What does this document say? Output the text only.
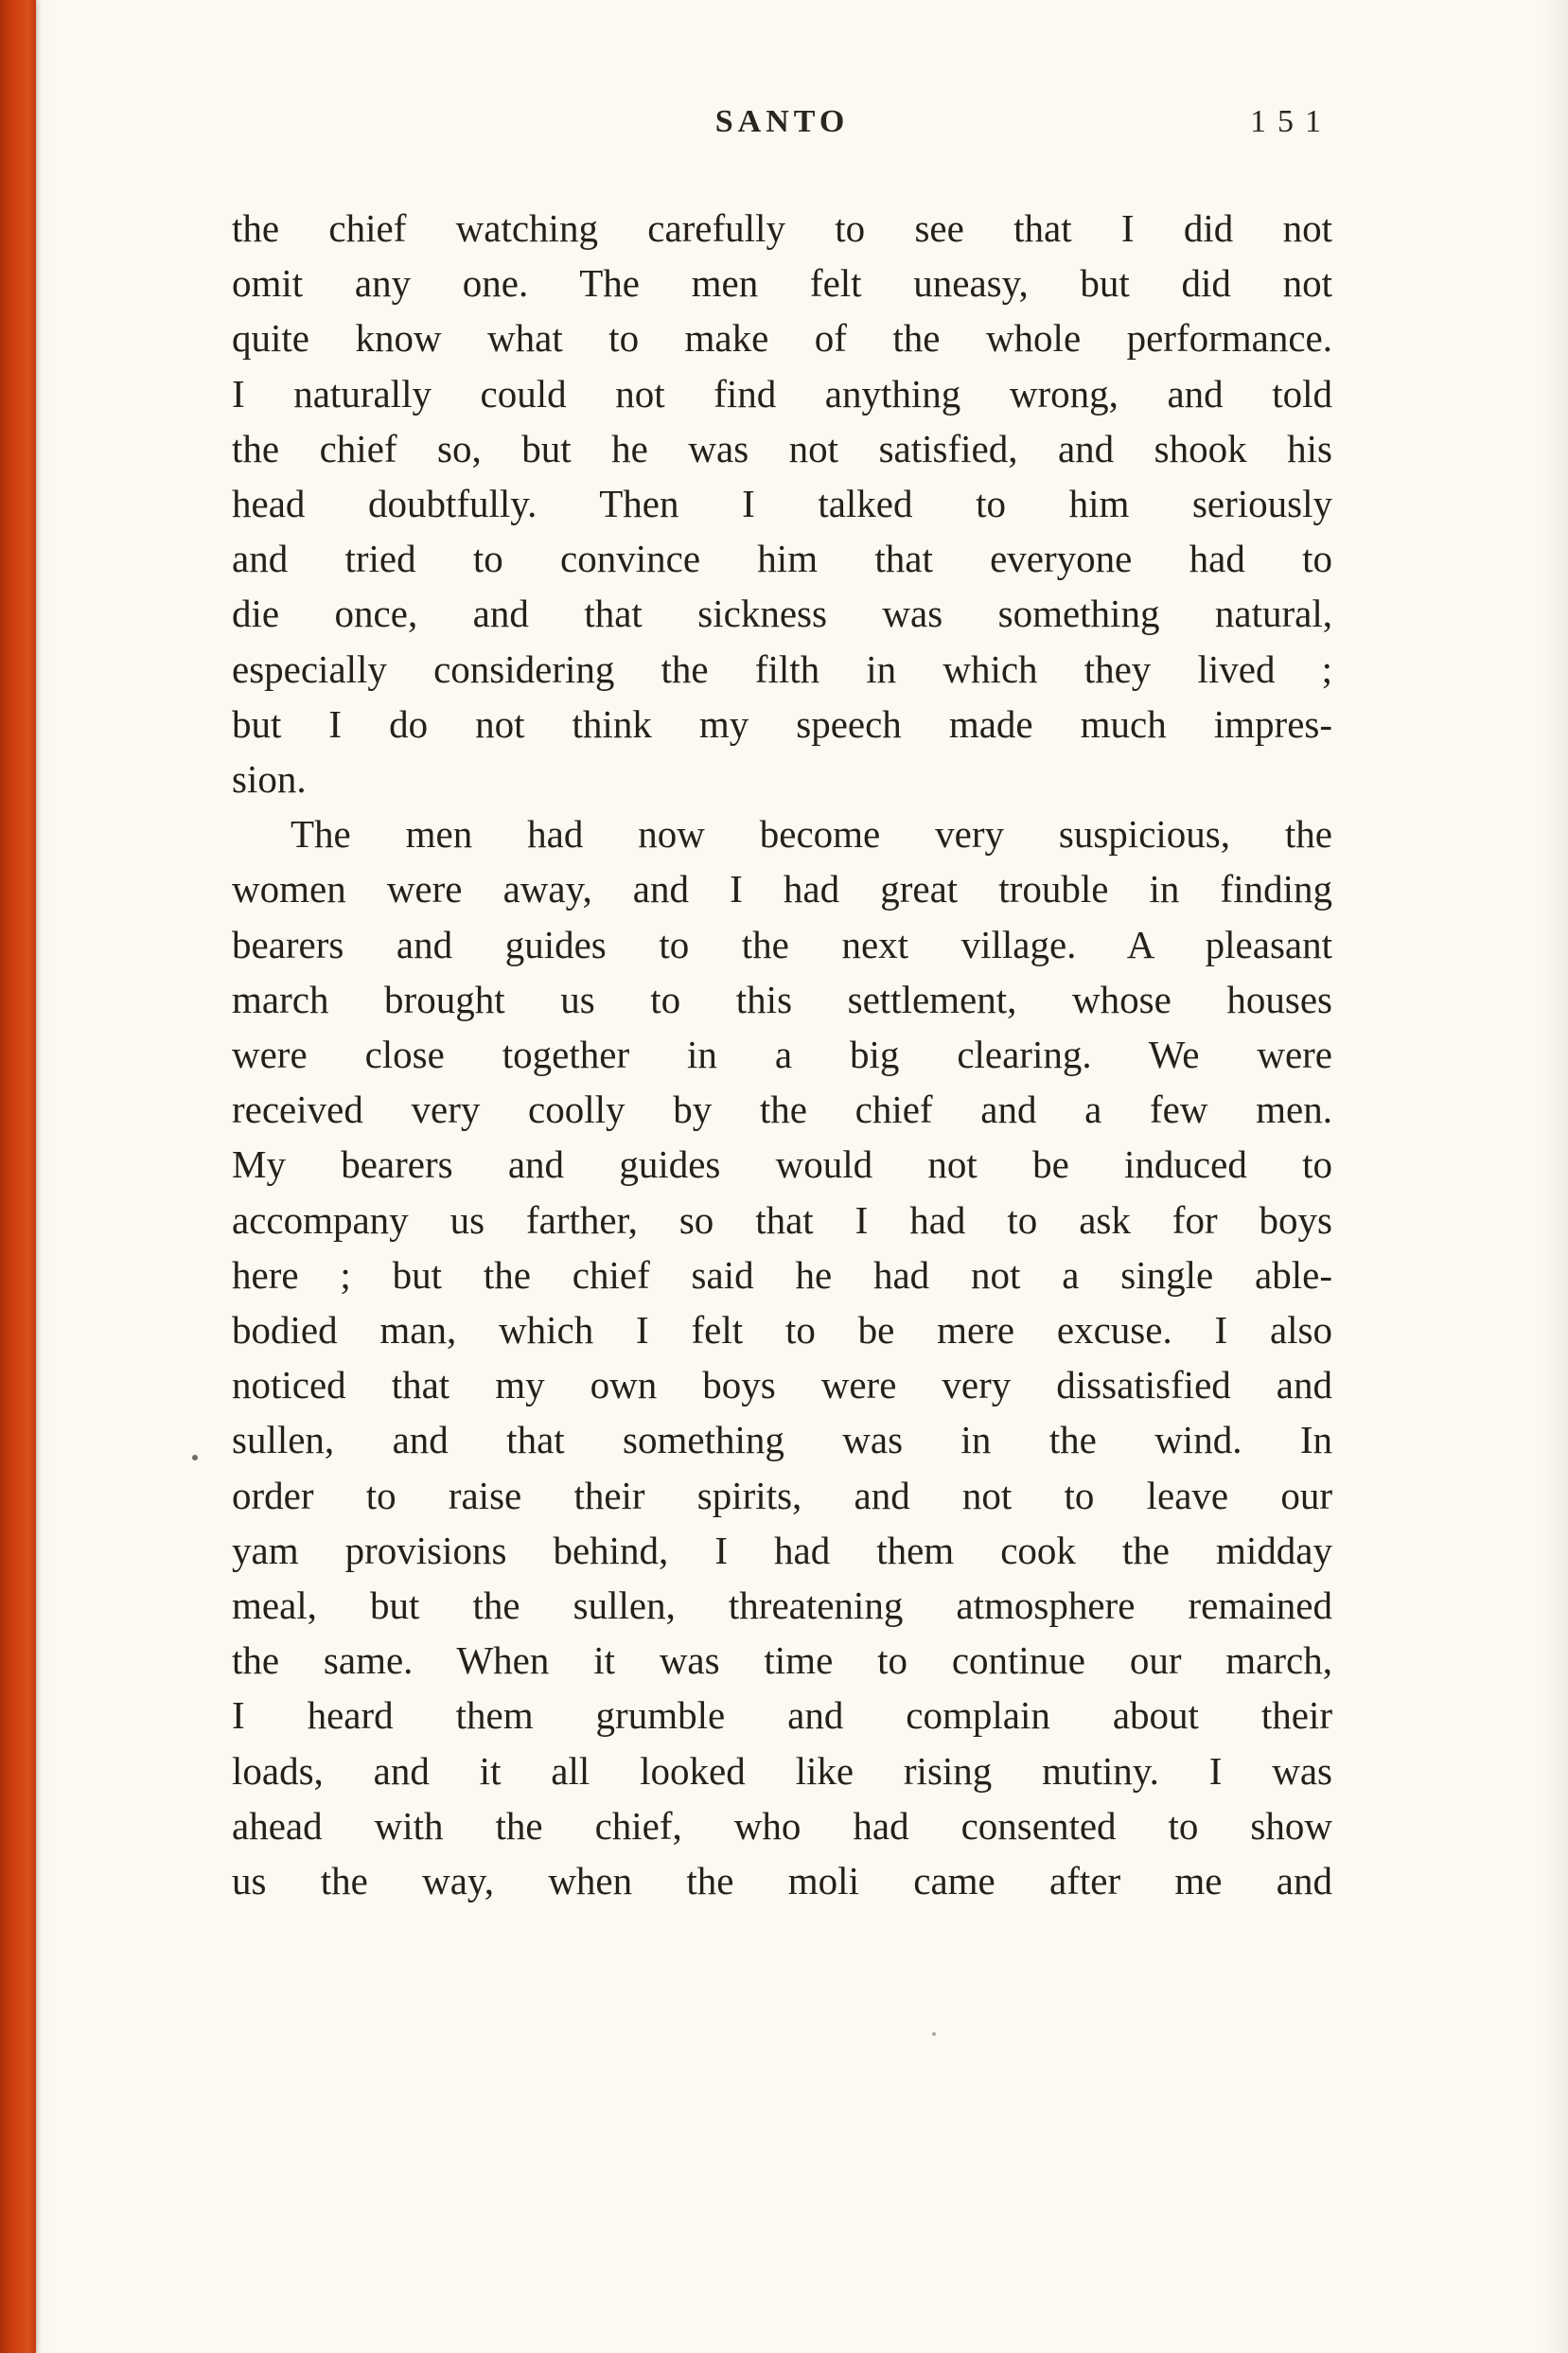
SANTO	151
the chief watching carefully to see that I did not
omit any one. The men felt uneasy, but did not
quite know what to make of the whole performance.
I naturally could not find anything wrong, and told
the chief so, but he was not satisfied, and shook his
head doubtfully. Then I talked to him seriously
and tried to convince him that everyone had to
die once, and that sickness was something natural,
especially considering the filth in which they lived ;
but I do not think my speech made much impres-
sion.
The men had now become very suspicious, the
women were away, and I had great trouble in finding
bearers and guides to the next village. A pleasant
march brought us to this settlement, whose houses
were close together in a big clearing. We were
received very coolly by the chief and a few men.
My bearers and guides would not be induced to
accompany us farther, so that I had to ask for boys
here ; but the chief said he had not a single able-
bodied man, which I felt to be mere excuse. I also
noticed that my own boys were very dissatisfied and
sullen, and that something was in the wind. In
order to raise their spirits, and not to leave our
yam provisions behind, I had them cook the midday
meal, but the sullen, threatening atmosphere remained
the same. When it was time to continue our march,
I heard them grumble and complain about their
loads, and it all looked like rising mutiny. I was
ahead with the chief, who had consented to show
us the way, when the moli came after me and
